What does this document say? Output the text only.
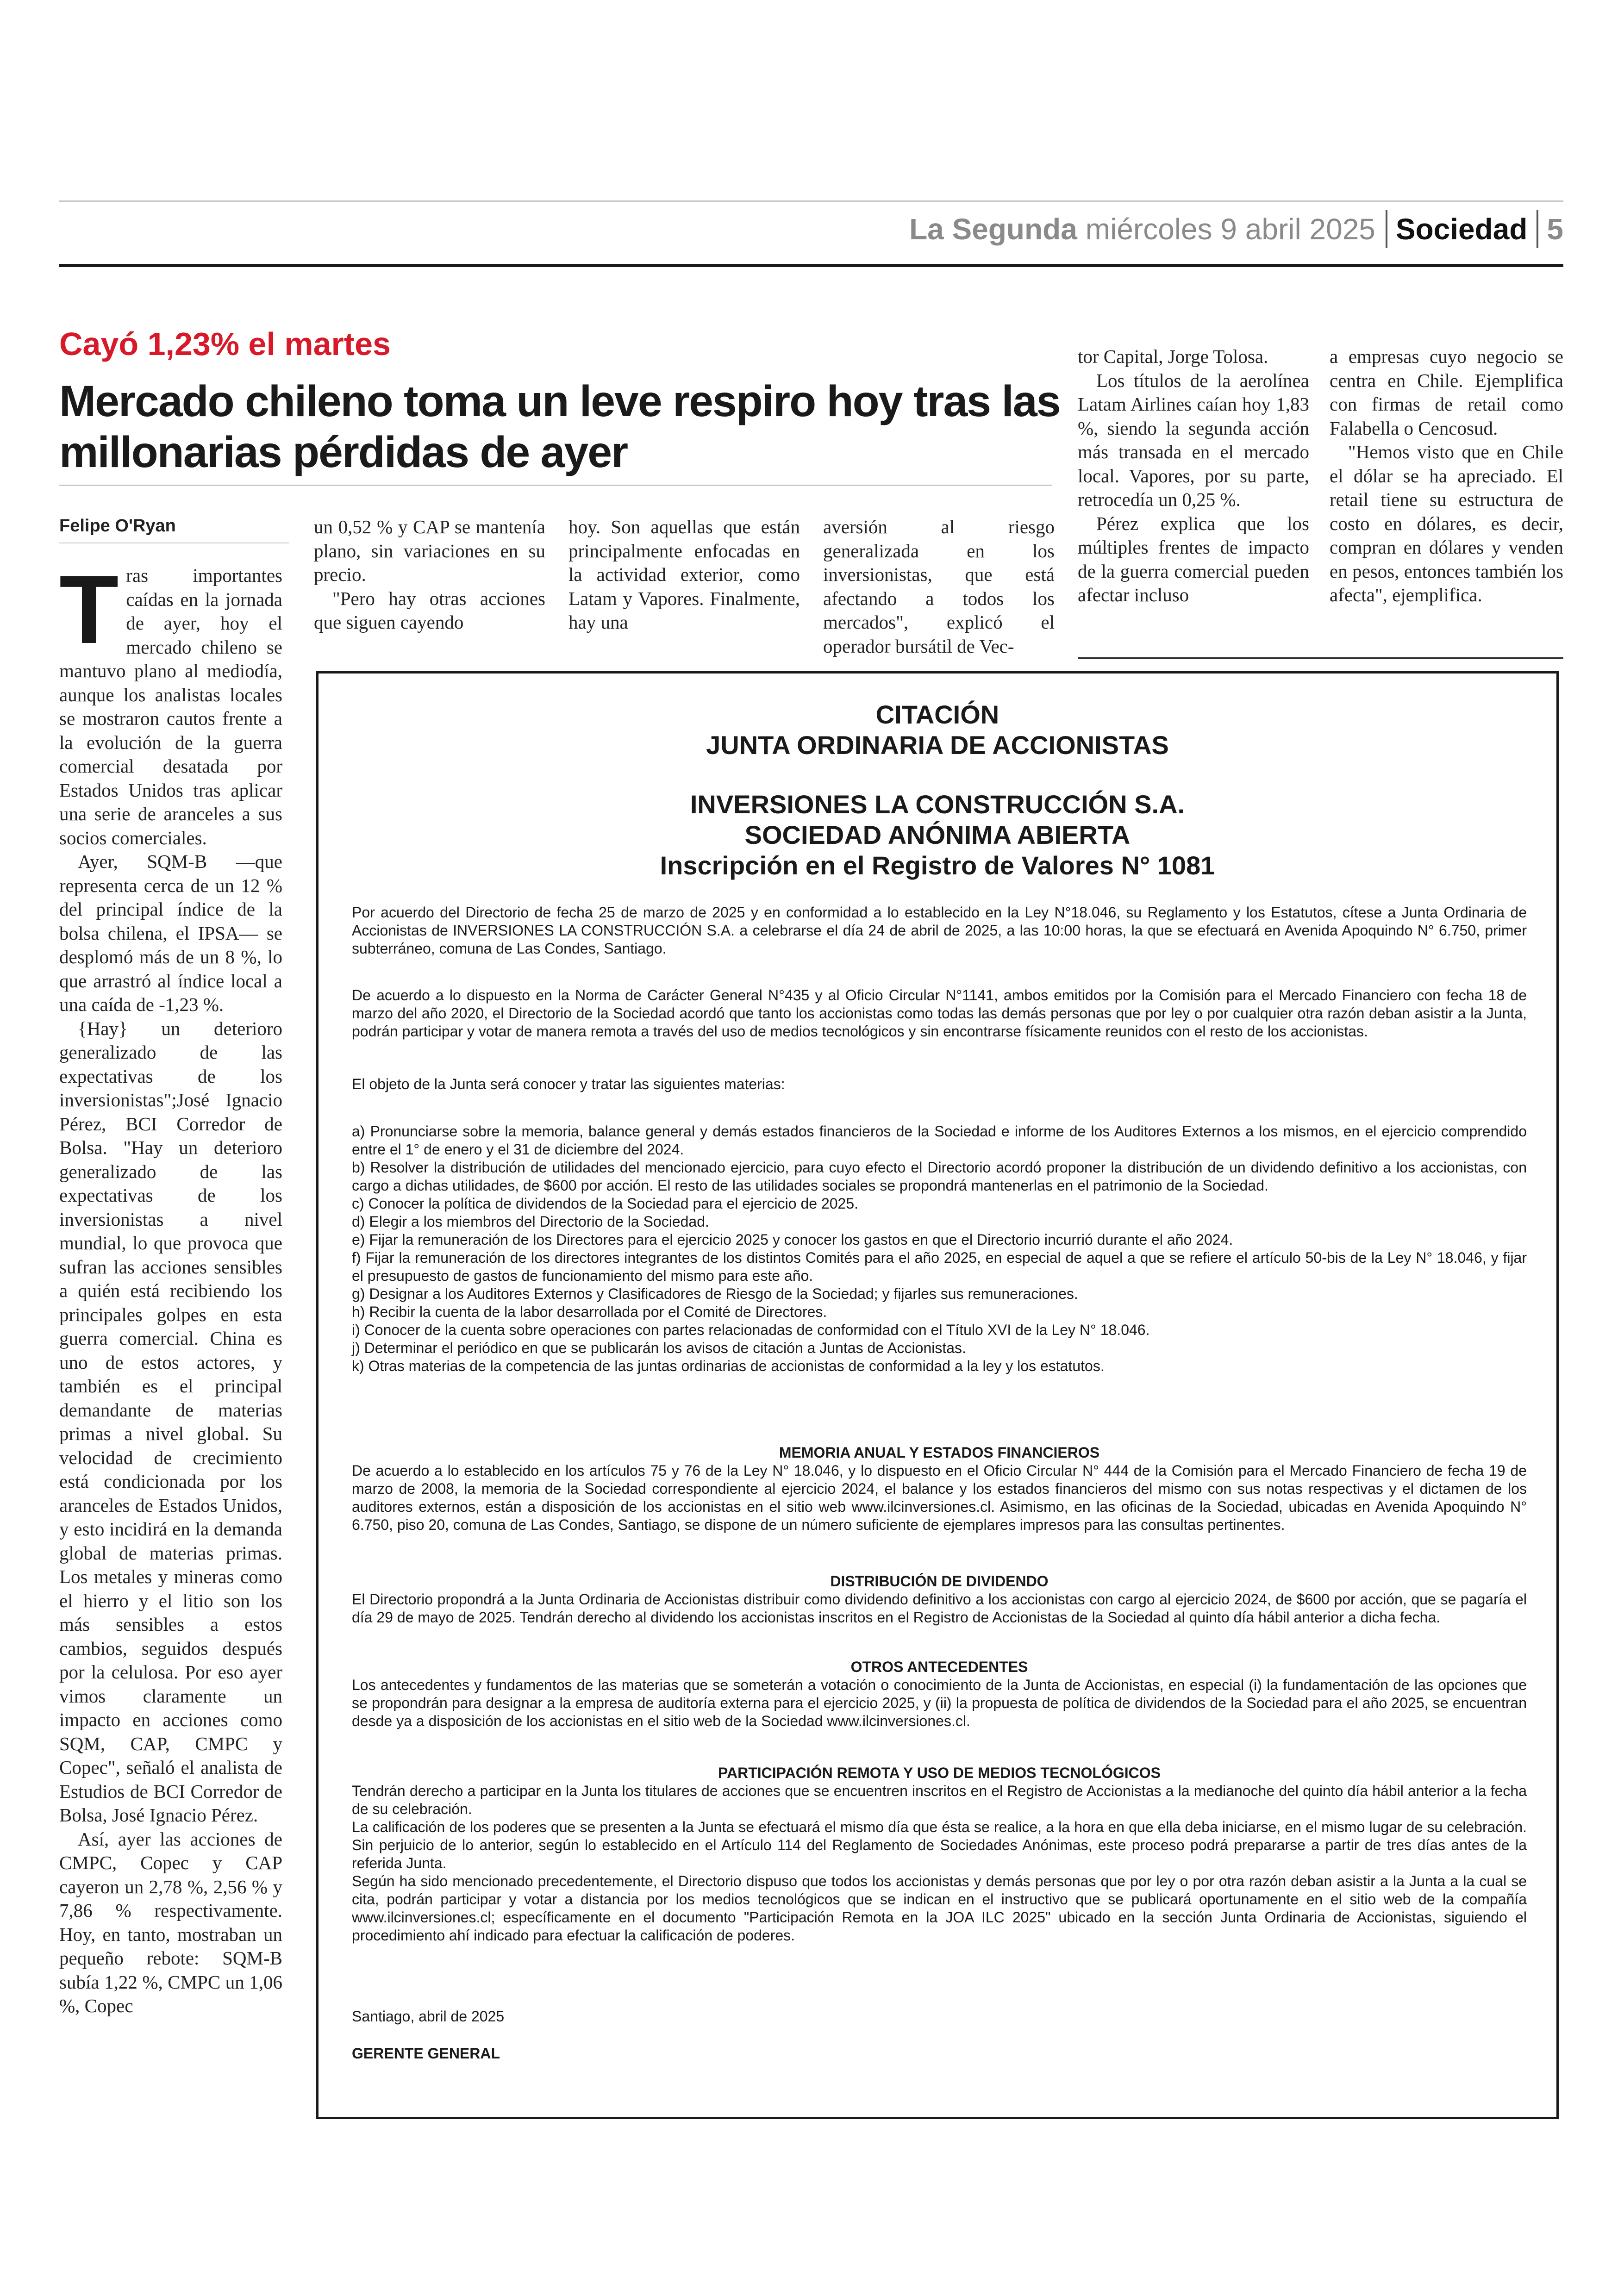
La Segunda miércoles 9 abril 2025 Sociedad 5
Cayó 1,23% el martes
Mercado chileno toma un leve respiro hoy tras las millonarias pérdidas de ayer
Felipe O'Ryan

Tras importantes caídas en la jornada de ayer, hoy el mercado chileno se mantuvo plano al mediodía, aunque los analistas locales se mostraron cautos frente a la evolución de la guerra comercial desatada por Estados Unidos tras aplicar una serie de aranceles a sus socios comerciales.

Ayer, SQM-B —que representa cerca de un 12 % del principal índice de la bolsa chilena, el IPSA— se desplomó más de un 8 %, lo que arrastró al índice local a una caída de -1,23 %.

{Hay} un deterioro generalizado de las expectativas de los inversionistas";José Ignacio Pérez, BCI Corredor de Bolsa. "Hay un deterioro generalizado de las expectativas de los inversionistas a nivel mundial, lo que provoca que sufran las acciones sensibles a quién está recibiendo los principales golpes en esta guerra comercial. China es uno de estos actores, y también es el principal demandante de materias primas a nivel global. Su velocidad de crecimiento está condicionada por los aranceles de Estados Unidos, y esto incidirá en la demanda global de materias primas. Los metales y mineras como el hierro y el litio son los más sensibles a estos cambios, seguidos después por la celulosa. Por eso ayer vimos claramente un impacto en acciones como SQM, CAP, CMPC y Copec", señaló el analista de Estudios de BCI Corredor de Bolsa, José Ignacio Pérez.

Así, ayer las acciones de CMPC, Copec y CAP cayeron un 2,78 %, 2,56 % y 7,86 % respectivamente. Hoy, en tanto, mostraban un pequeño rebote: SQM-B subía 1,22 %, CMPC un 1,06 %, Copec

un 0,52 % y CAP se mantenía plano, sin variaciones en su precio.

"Pero hay otras acciones que siguen cayendo

hoy. Son aquellas que están principalmente enfocadas en la actividad exterior, como Latam y Vapores. Finalmente, hay una

aversión al riesgo generalizada en los inversionistas, que está afectando a todos los mercados", explicó el operador bursátil de Vec-

tor Capital, Jorge Tolosa.

Los títulos de la aerolínea Latam Airlines caían hoy 1,83 %, siendo la segunda acción más transada en el mercado local. Vapores, por su parte, retrocedía un 0,25 %.

Pérez explica que los múltiples frentes de impacto de la guerra comercial pueden afectar incluso

a empresas cuyo negocio se centra en Chile. Ejemplifica con firmas de retail como Falabella o Cencosud.

"Hemos visto que en Chile el dólar se ha apreciado. El retail tiene su estructura de costo en dólares, es decir, compran en dólares y venden en pesos, entonces también los afecta", ejemplifica.

CITACIÓN
JUNTA ORDINARIA DE ACCIONISTAS
INVERSIONES LA CONSTRUCCIÓN S.A.
SOCIEDAD ANÓNIMA ABIERTA
Inscripción en el Registro de Valores N° 1081
Por acuerdo del Directorio de fecha 25 de marzo de 2025 y en conformidad a lo establecido en la Ley N°18.046, su Reglamento y los Estatutos, cítese a Junta Ordinaria de Accionistas de INVERSIONES LA CONSTRUCCIÓN S.A. a celebrarse el día 24 de abril de 2025, a las 10:00 horas, la que se efectuará en Avenida Apoquindo N° 6.750, primer subterráneo, comuna de Las Condes, Santiago.
De acuerdo a lo dispuesto en la Norma de Carácter General N°435 y al Oficio Circular N°1141, ambos emitidos por la Comisión para el Mercado Financiero con fecha 18 de marzo del año 2020, el Directorio de la Sociedad acordó que tanto los accionistas como todas las demás personas que por ley o por cualquier otra razón deban asistir a la Junta, podrán participar y votar de manera remota a través del uso de medios tecnológicos y sin encontrarse físicamente reunidos con el resto de los accionistas.
El objeto de la Junta será conocer y tratar las siguientes materias:

a) Pronunciarse sobre la memoria, balance general y demás estados financieros de la Sociedad e informe de los Auditores Externos a los mismos, en el ejercicio comprendido entre el 1° de enero y el 31 de diciembre del 2024.

b) Resolver la distribución de utilidades del mencionado ejercicio, para cuyo efecto el Directorio acordó proponer la distribución de un dividendo definitivo a los accionistas, con cargo a dichas utilidades, de $600 por acción. El resto de las utilidades sociales se propondrá mantenerlas en el patrimonio de la Sociedad.

c) Conocer la política de dividendos de la Sociedad para el ejercicio de 2025.

d) Elegir a los miembros del Directorio de la Sociedad.

e) Fijar la remuneración de los Directores para el ejercicio 2025 y conocer los gastos en que el Directorio incurrió durante el año 2024.

f) Fijar la remuneración de los directores integrantes de los distintos Comités para el año 2025, en especial de aquel a que se refiere el artículo 50-bis de la Ley N° 18.046, y fijar el presupuesto de gastos de funcionamiento del mismo para este año.

g) Designar a los Auditores Externos y Clasificadores de Riesgo de la Sociedad; y fijarles sus remuneraciones.

h) Recibir la cuenta de la labor desarrollada por el Comité de Directores.

i) Conocer de la cuenta sobre operaciones con partes relacionadas de conformidad con el Título XVI de la Ley N° 18.046.

j) Determinar el periódico en que se publicarán los avisos de citación a Juntas de Accionistas.

k) Otras materias de la competencia de las juntas ordinarias de accionistas de conformidad a la ley y los estatutos.

MEMORIA ANUAL Y ESTADOS FINANCIEROS
De acuerdo a lo establecido en los artículos 75 y 76 de la Ley N° 18.046, y lo dispuesto en el Oficio Circular N° 444 de la Comisión para el Mercado Financiero de fecha 19 de marzo de 2008, la memoria de la Sociedad correspondiente al ejercicio 2024, el balance y los estados financieros del mismo con sus notas respectivas y el dictamen de los auditores externos, están a disposición de los accionistas en el sitio web www.ilcinversiones.cl. Asimismo, en las oficinas de la Sociedad, ubicadas en Avenida Apoquindo N° 6.750, piso 20, comuna de Las Condes, Santiago, se dispone de un número suficiente de ejemplares impresos para las consultas pertinentes.
DISTRIBUCIÓN DE DIVIDENDO
El Directorio propondrá a la Junta Ordinaria de Accionistas distribuir como dividendo definitivo a los accionistas con cargo al ejercicio 2024, de $600 por acción, que se pagaría el día 29 de mayo de 2025. Tendrán derecho al dividendo los accionistas inscritos en el Registro de Accionistas de la Sociedad al quinto día hábil anterior a dicha fecha.
OTROS ANTECEDENTES
Los antecedentes y fundamentos de las materias que se someterán a votación o conocimiento de la Junta de Accionistas, en especial (i) la fundamentación de las opciones que se propondrán para designar a la empresa de auditoría externa para el ejercicio 2025, y (ii) la propuesta de política de dividendos de la Sociedad para el año 2025, se encuentran desde ya a disposición de los accionistas en el sitio web de la Sociedad www.ilcinversiones.cl.
PARTICIPACIÓN REMOTA Y USO DE MEDIOS TECNOLÓGICOS

Tendrán derecho a participar en la Junta los titulares de acciones que se encuentren inscritos en el Registro de Accionistas a la medianoche del quinto día hábil anterior a la fecha de su celebración.

La calificación de los poderes que se presenten a la Junta se efectuará el mismo día que ésta se realice, a la hora en que ella deba iniciarse, en el mismo lugar de su celebración. Sin perjuicio de lo anterior, según lo establecido en el Artículo 114 del Reglamento de Sociedades Anónimas, este proceso podrá prepararse a partir de tres días antes de la referida Junta.

Según ha sido mencionado precedentemente, el Directorio dispuso que todos los accionistas y demás personas que por ley o por otra razón deban asistir a la Junta a la cual se cita, podrán participar y votar a distancia por los medios tecnológicos que se indican en el instructivo que se publicará oportunamente en el sitio web de la compañía www.ilcinversiones.cl; específicamente en el documento "Participación Remota en la JOA ILC 2025" ubicado en la sección Junta Ordinaria de Accionistas, siguiendo el procedimiento ahí indicado para efectuar la calificación de poderes.

Santiago, abril de 2025
GERENTE GENERAL
